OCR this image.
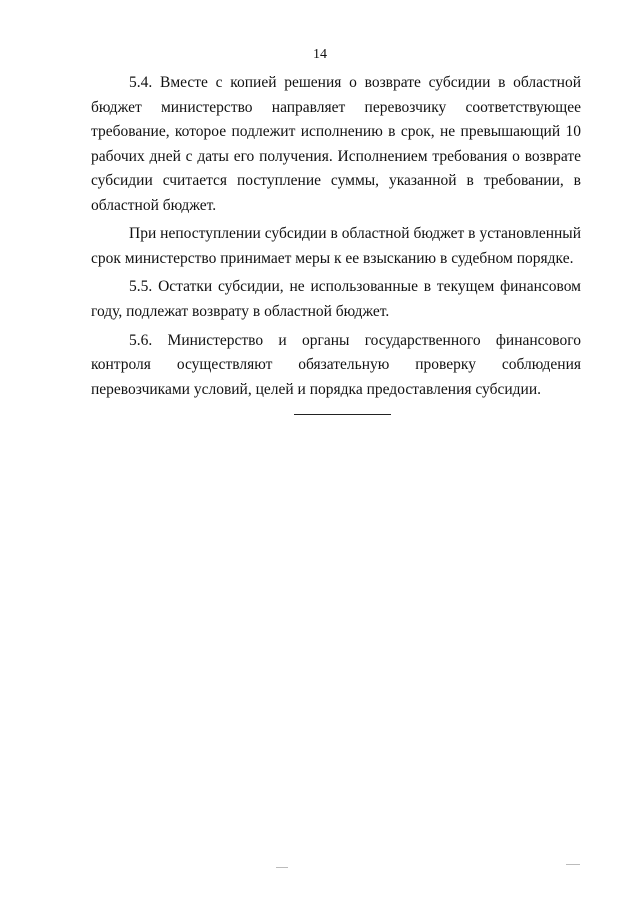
14

5.4. Вместе с копией решения о возврате субсидии в областной бюджет министерство направляет перевозчику соответствующее требование, которое подлежит исполнению в срок, не превышающий 10 рабочих дней с даты его получения. Исполнением требования о возврате субсидии считается поступление суммы, указанной в требовании, в областной бюджет.

При непоступлении субсидии в областной бюджет в установленный срок министерство принимает меры к ее взысканию в судебном порядке.

5.5. Остатки субсидии, не использованные в текущем финансовом году, подлежат возврату в областной бюджет.

5.6. Министерство и органы государственного финансового контроля осуществляют обязательную проверку соблюдения перевозчиками условий, целей и порядка предоставления субсидии.
